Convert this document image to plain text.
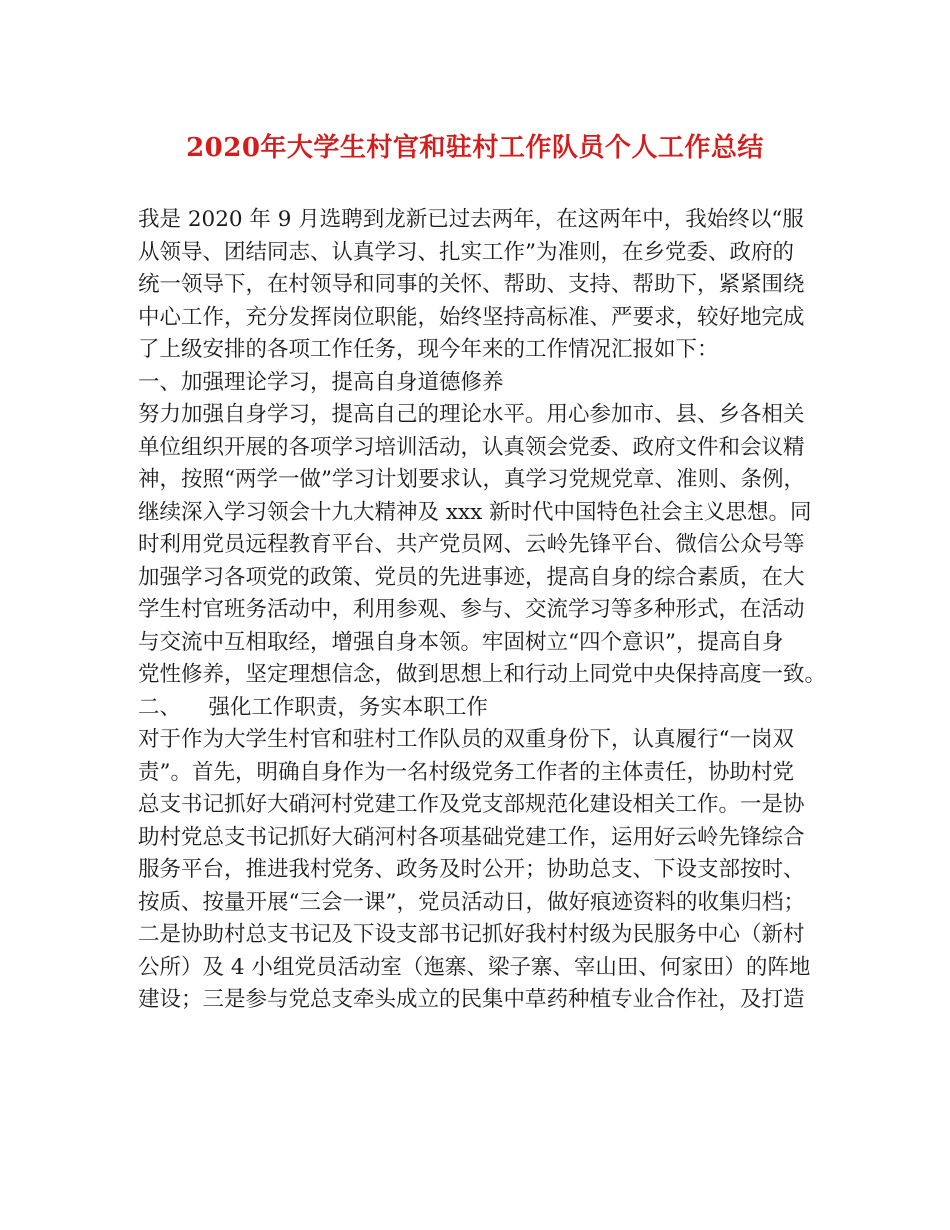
2020年大学生村官和驻村工作队员个人工作总结
我是 2020 年 9 月选聘到龙新已过去两年，在这两年中，我始终以“服
从领导、团结同志、认真学习、扎实工作”为准则，在乡党委、政府的
统一领导下，在村领导和同事的关怀、帮助、支持、帮助下，紧紧围绕
中心工作，充分发挥岗位职能，始终坚持高标准、严要求，较好地完成
了上级安排的各项工作任务，现今年来的工作情况汇报如下：
一、加强理论学习，提高自身道德修养
努力加强自身学习，提高自己的理论水平。用心参加市、县、乡各相关
单位组织开展的各项学习培训活动，认真领会党委、政府文件和会议精
神，按照“两学一做”学习计划要求认，真学习党规党章、准则、条例，
继续深入学习领会十九大精神及 xxx 新时代中国特色社会主义思想。同
时利用党员远程教育平台、共产党员网、云岭先锋平台、微信公众号等
加强学习各项党的政策、党员的先进事迹，提高自身的综合素质，在大
学生村官班务活动中，利用参观、参与、交流学习等多种形式，在活动
与交流中互相取经，增强自身本领。牢固树立“四个意识”，提高自身
党性修养，坚定理想信念，做到思想上和行动上同党中央保持高度一致。
二、    强化工作职责，务实本职工作
对于作为大学生村官和驻村工作队员的双重身份下，认真履行“一岗双
责”。首先，明确自身作为一名村级党务工作者的主体责任，协助村党
总支书记抓好大硝河村党建工作及党支部规范化建设相关工作。一是协
助村党总支书记抓好大硝河村各项基础党建工作，运用好云岭先锋综合
服务平台，推进我村党务、政务及时公开；协助总支、下设支部按时、
按质、按量开展“三会一课”，党员活动日，做好痕迹资料的收集归档；
二是协助村总支书记及下设支部书记抓好我村村级为民服务中心（新村
公所）及 4 小组党员活动室（迤寨、梁子寨、宰山田、何家田）的阵地
建设；三是参与党总支牵头成立的民集中草药种植专业合作社，及打造
